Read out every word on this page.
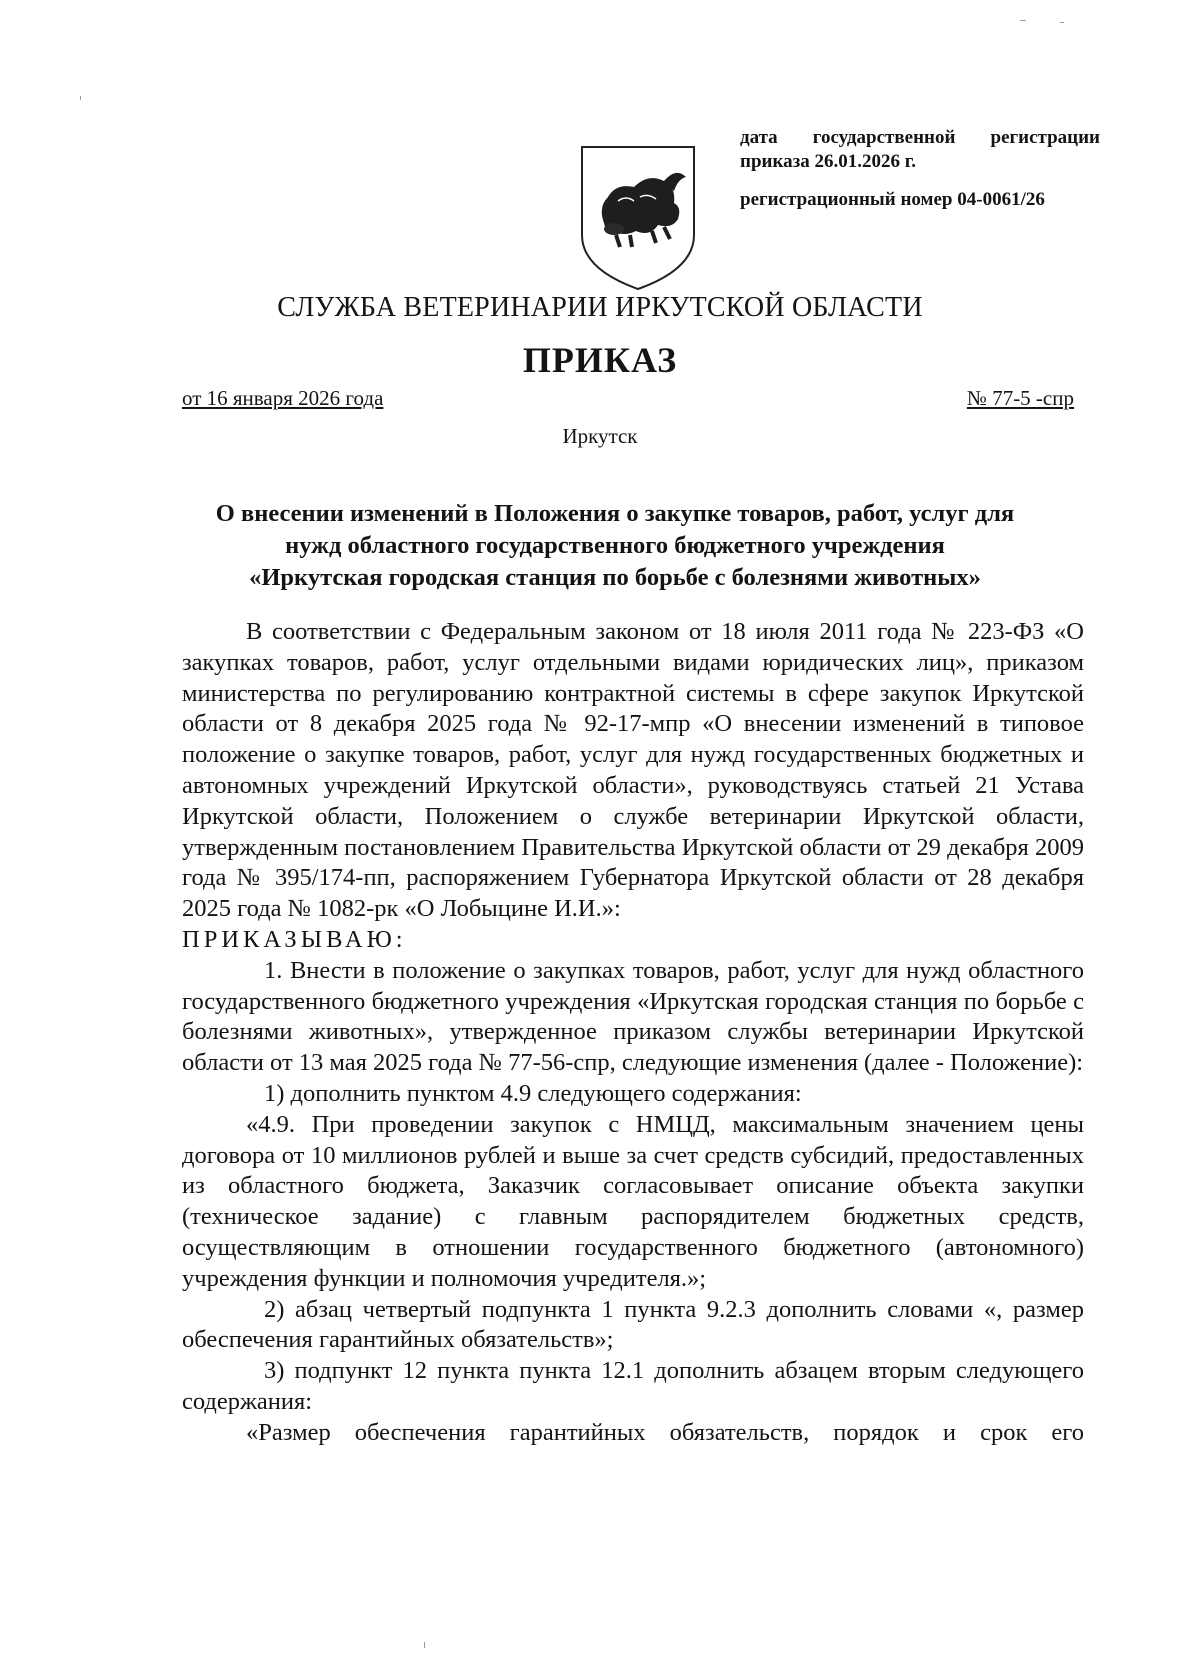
дата государственной регистрации
приказа 26.01.2026 г.
регистрационный номер 04-0061/26
СЛУЖБА ВЕТЕРИНАРИИ ИРКУТСКОЙ ОБЛАСТИ
ПРИКАЗ
от 16 января 2026 года	№ 77-5 -спр
Иркутск
О внесении изменений в Положения о закупке товаров, работ, услуг для
нужд областного государственного бюджетного учреждения
«Иркутская городская станция по борьбе с болезнями животных»

В соответствии с Федеральным законом от 18 июля 2011 года № 223-ФЗ «О закупках товаров, работ, услуг отдельными видами юридических лиц», приказом министерства по регулированию контрактной системы в сфере закупок Иркутской области от 8 декабря 2025 года № 92-17-мпр «О внесении изменений в типовое положение о закупке товаров, работ, услуг для нужд государственных бюджетных и автономных учреждений Иркутской области», руководствуясь статьей 21 Устава Иркутской области, Положением о службе ветеринарии Иркутской области, утвержденным постановлением Правительства Иркутской области от 29 декабря 2009 года № 395/174-пп, распоряжением Губернатора Иркутской области от 28 декабря 2025 года № 1082-рк «О Лобыцине И.И.»:

ПРИКАЗЫВАЮ:

1. Внести в положение о закупках товаров, работ, услуг для нужд областного государственного бюджетного учреждения «Иркутская городская станция по борьбе с болезнями животных», утвержденное приказом службы ветеринарии Иркутской области от 13 мая 2025 года № 77-56-спр, следующие изменения (далее - Положение):

1) дополнить пунктом 4.9 следующего содержания:

«4.9. При проведении закупок с НМЦД, максимальным значением цены договора от 10 миллионов рублей и выше за счет средств субсидий, предоставленных из областного бюджета, Заказчик согласовывает описание объекта закупки (техническое задание) с главным распорядителем бюджетных средств, осуществляющим в отношении государственного бюджетного (автономного) учреждения функции и полномочия учредителя.»;

2) абзац четвертый подпункта 1 пункта 9.2.3 дополнить словами «, размер обеспечения гарантийных обязательств»;

3) подпункт 12 пункта пункта 12.1 дополнить абзацем вторым следующего содержания:

«Размер обеспечения гарантийных обязательств, порядок и срок его
